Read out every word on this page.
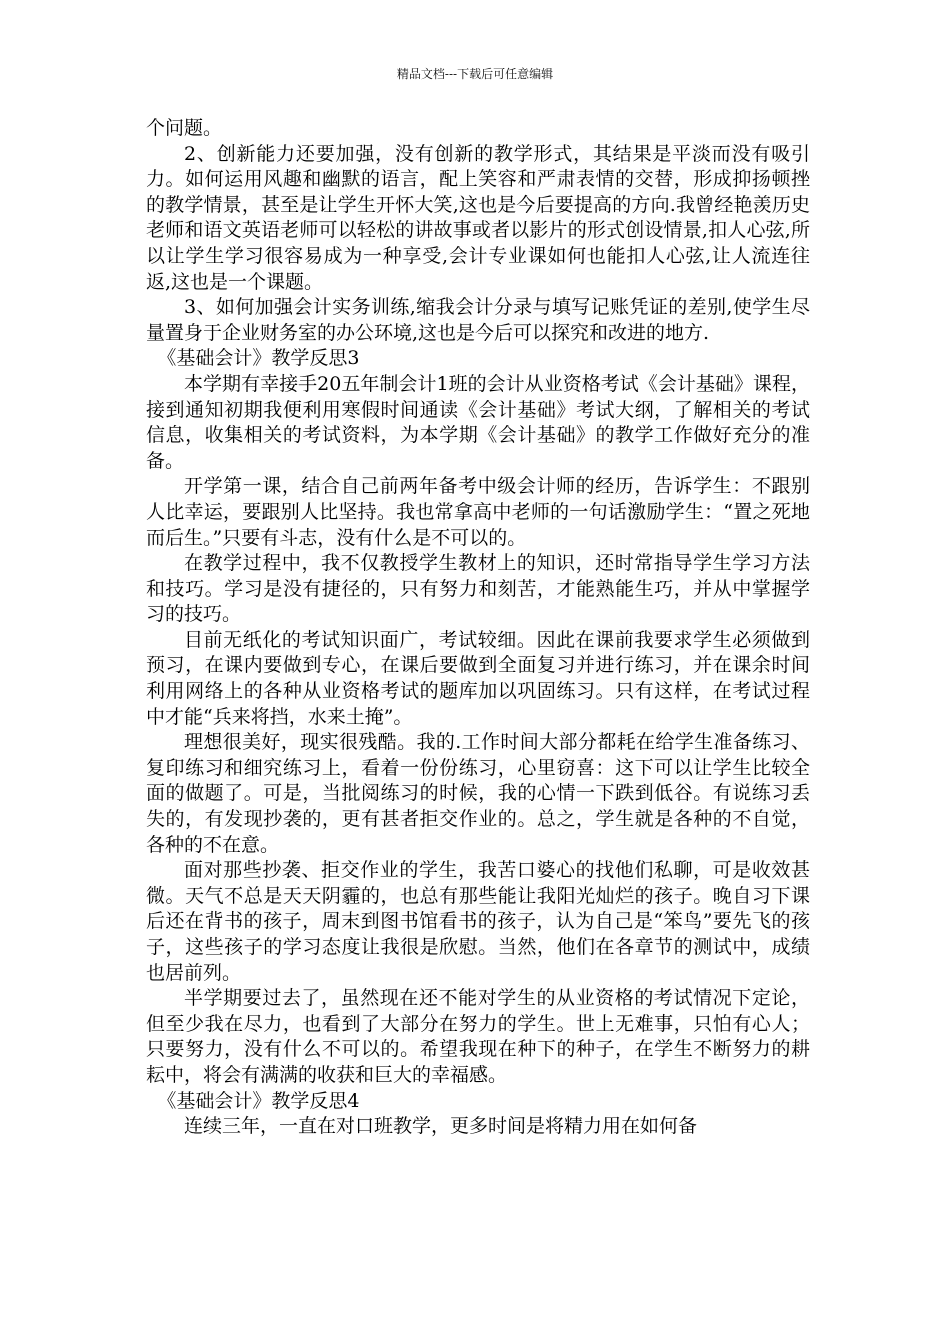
精品文档---下载后可任意编辑

个问题。

2、创新能力还要加强，没有创新的教学形式，其结果是平淡而没有吸引力。如何运用风趣和幽默的语言，配上笑容和严肃表情的交替，形成抑扬顿挫的教学情景，甚至是让学生开怀大笑,这也是今后要提高的方向.我曾经艳羡历史老师和语文英语老师可以轻松的讲故事或者以影片的形式创设情景,扣人心弦,所以让学生学习很容易成为一种享受,会计专业课如何也能扣人心弦,让人流连往返,这也是一个课题。

3、如何加强会计实务训练,缩我会计分录与填写记账凭证的差别,使学生尽量置身于企业财务室的办公环境,这也是今后可以探究和改进的地方.

《基础会计》教学反思3

本学期有幸接手20五年制会计1班的会计从业资格考试《会计基础》课程，接到通知初期我便利用寒假时间通读《会计基础》考试大纲，了解相关的考试信息，收集相关的考试资料，为本学期《会计基础》的教学工作做好充分的准备。

开学第一课，结合自己前两年备考中级会计师的经历，告诉学生：不跟别人比幸运，要跟别人比坚持。我也常拿高中老师的一句话激励学生：“置之死地而后生。”只要有斗志，没有什么是不可以的。

在教学过程中，我不仅教授学生教材上的知识，还时常指导学生学习方法和技巧。学习是没有捷径的，只有努力和刻苦，才能熟能生巧，并从中掌握学习的技巧。

目前无纸化的考试知识面广，考试较细。因此在课前我要求学生必须做到预习，在课内要做到专心，在课后要做到全面复习并进行练习，并在课余时间利用网络上的各种从业资格考试的题库加以巩固练习。只有这样，在考试过程中才能“兵来将挡，水来土掩”。

理想很美好，现实很残酷。我的.工作时间大部分都耗在给学生准备练习、复印练习和细究练习上，看着一份份练习，心里窃喜：这下可以让学生比较全面的做题了。可是，当批阅练习的时候，我的心情一下跌到低谷。有说练习丢失的，有发现抄袭的，更有甚者拒交作业的。总之，学生就是各种的不自觉，各种的不在意。

面对那些抄袭、拒交作业的学生，我苦口婆心的找他们私聊，可是收效甚微。天气不总是天天阴霾的，也总有那些能让我阳光灿烂的孩子。晚自习下课后还在背书的孩子，周末到图书馆看书的孩子，认为自己是“笨鸟”要先飞的孩子，这些孩子的学习态度让我很是欣慰。当然，他们在各章节的测试中，成绩也居前列。

半学期要过去了，虽然现在还不能对学生的从业资格的考试情况下定论，但至少我在尽力，也看到了大部分在努力的学生。世上无难事，只怕有心人；只要努力，没有什么不可以的。希望我现在种下的种子，在学生不断努力的耕耘中，将会有满满的收获和巨大的幸福感。

《基础会计》教学反思4

连续三年，一直在对口班教学，更多时间是将精力用在如何备
